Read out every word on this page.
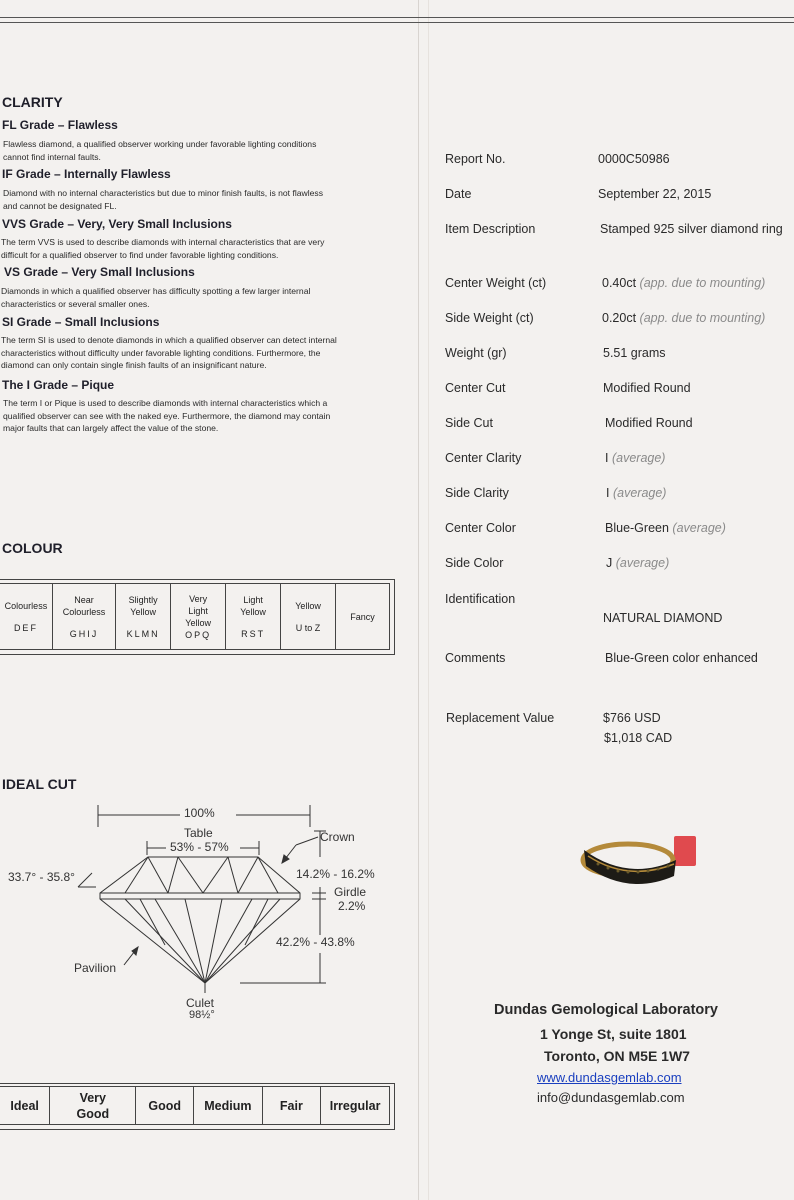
CLARITY
FL Grade – Flawless
Flawless diamond, a qualified observer working under favorable lighting conditions
cannot find internal faults.
IF Grade – Internally Flawless
Diamond with no internal characteristics but due to minor finish faults, is not flawless
and cannot be designated FL.
VVS Grade – Very, Very Small Inclusions
The term VVS is used to describe diamonds with internal characteristics that are very
difficult for a qualified observer to find under favorable lighting conditions.
VS Grade – Very Small Inclusions
Diamonds in which a qualified observer has difficulty spotting a few larger internal
characteristics or several smaller ones.
SI Grade – Small Inclusions
The term SI is used to denote diamonds in which a qualified observer can detect internal
characteristics without difficulty under favorable lighting conditions. Furthermore, the
diamond can only contain single finish faults of an insignificant nature.
The I Grade – Pique
The term I or Pique is used to describe diamonds with internal characteristics which a
qualified observer can see with the naked eye. Furthermore, the diamond may contain
major faults that can largely affect the value of the stone.
COLOUR
Colourless
DEF

Near Colourless
GHIJ

Slightly Yellow
KLMN

Very Light Yellow
OPQ

Light Yellow
RST

Yellow
U to Z

Fancy
IDEAL CUT
100%
Table
53% - 57%
Crown
33.7° - 35.8°	14.2% - 16.2%
Girdle
2.2%
42.2% - 43.8%
Pavilion
Culet
98½°
Ideal	Very Good	Good	Medium	Fair	Irregular
Report No.	0000C50986
Date	September 22, 2015
Item Description	Stamped 925 silver diamond ring
Center Weight (ct)	0.40ct (app. due to mounting)
Side Weight (ct)	0.20ct (app. due to mounting)
Weight (gr)	5.51 grams
Center Cut	Modified Round
Side Cut	Modified Round
Center Clarity	I (average)
Side Clarity	I (average)
Center Color	Blue-Green (average)
Side Color	J (average)
Identification
NATURAL DIAMOND
Comments	Blue-Green color enhanced
Replacement Value	$766 USD
$1,018 CAD
Dundas Gemological Laboratory
1 Yonge St, suite 1801
Toronto, ON M5E 1W7
www.dundasgemlab.com
info@dundasgemlab.com
